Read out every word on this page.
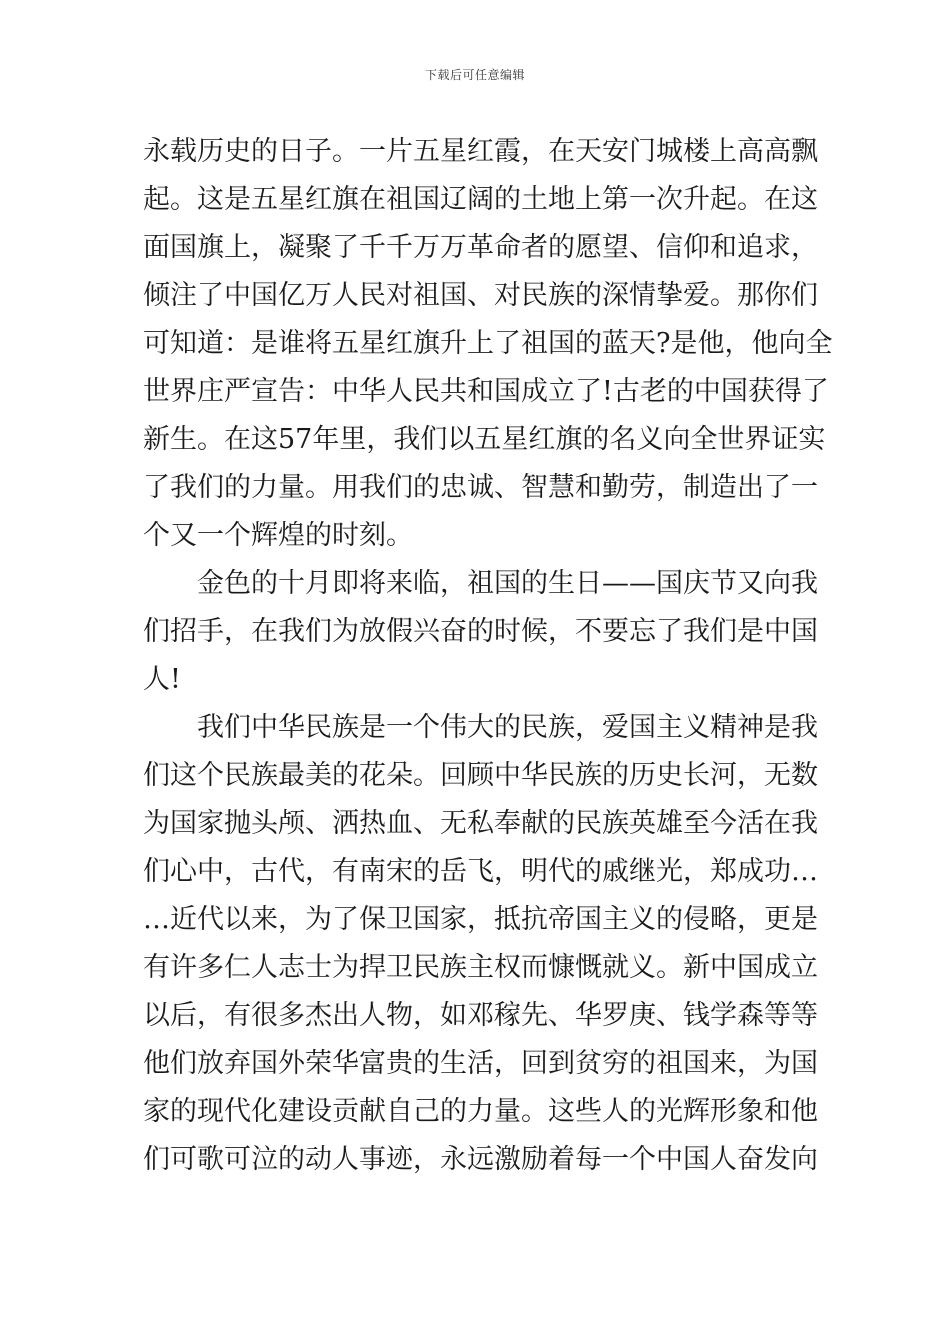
下载后可任意编辑
永载历史的日子。一片五星红霞，在天安门城楼上高高飘
起。这是五星红旗在祖国辽阔的土地上第一次升起。在这
面国旗上，凝聚了千千万万革命者的愿望、信仰和追求，
倾注了中国亿万人民对祖国、对民族的深情挚爱。那你们
可知道：是谁将五星红旗升上了祖国的蓝天?是他，他向全
世界庄严宣告：中华人民共和国成立了!古老的中国获得了
新生。在这57年里，我们以五星红旗的名义向全世界证实
了我们的力量。用我们的忠诚、智慧和勤劳，制造出了一
个又一个辉煌的时刻。
金色的十月即将来临，祖国的生日——国庆节又向我
们招手，在我们为放假兴奋的时候，不要忘了我们是中国
人!
我们中华民族是一个伟大的民族，爱国主义精神是我
们这个民族最美的花朵。回顾中华民族的历史长河，无数
为国家抛头颅、洒热血、无私奉献的民族英雄至今活在我
们心中，古代，有南宋的岳飞，明代的戚继光，郑成功…
…近代以来，为了保卫国家，抵抗帝国主义的侵略，更是
有许多仁人志士为捍卫民族主权而慷慨就义。新中国成立
以后，有很多杰出人物，如邓稼先、华罗庚、钱学森等等
他们放弃国外荣华富贵的生活，回到贫穷的祖国来，为国
家的现代化建设贡献自己的力量。这些人的光辉形象和他
们可歌可泣的动人事迹，永远激励着每一个中国人奋发向
